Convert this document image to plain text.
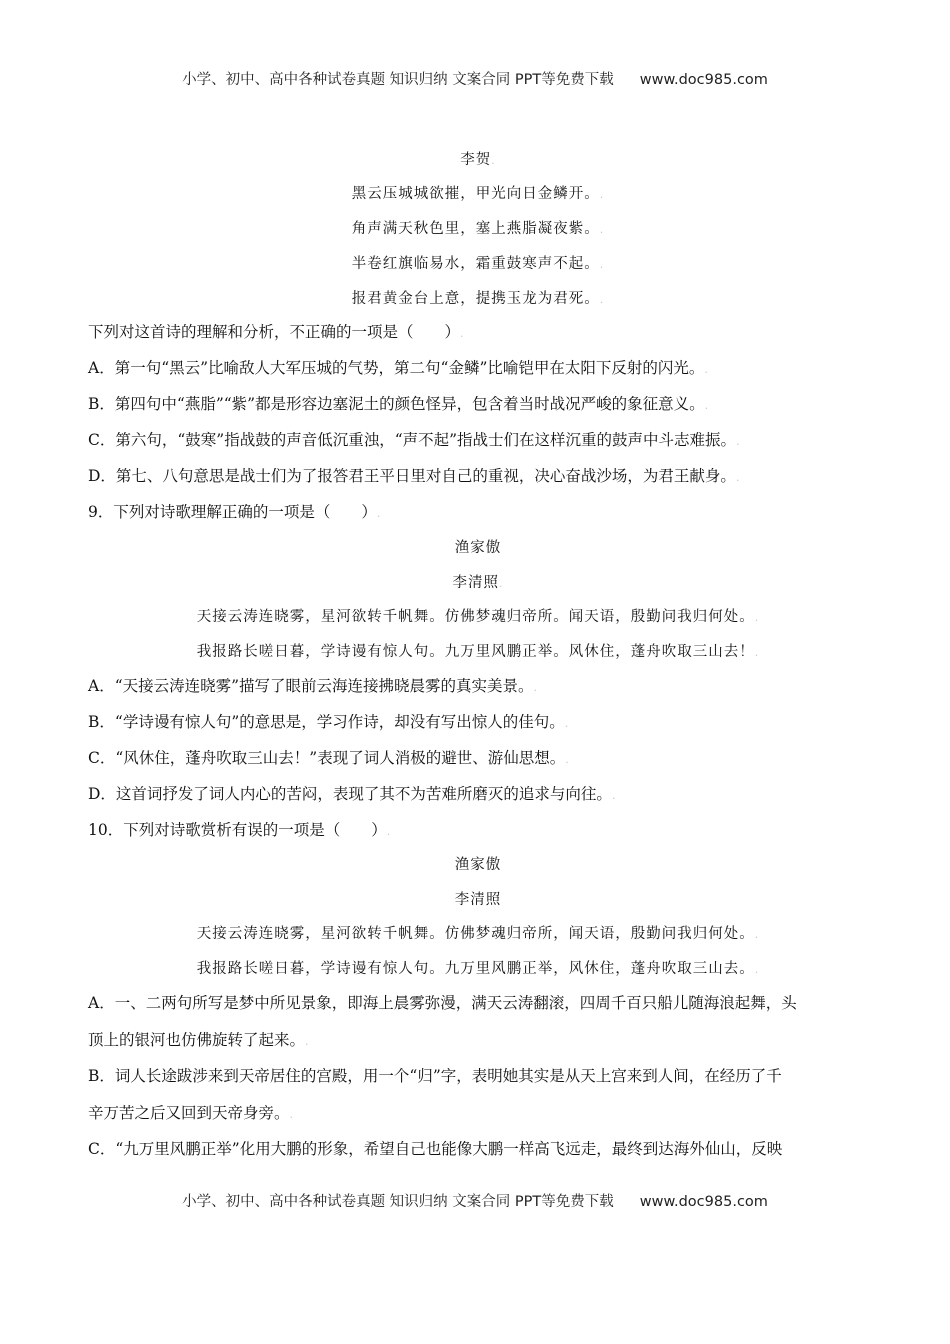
小学、初中、高中各种试卷真题 知识归纳 文案合同 PPT等免费下载 www.doc985.com
李贺.
黑云压城城欲摧，甲光向日金鳞开。.
角声满天秋色里，塞上燕脂凝夜紫。.
半卷红旗临易水，霜重鼓寒声不起。.
报君黄金台上意，提携玉龙为君死。.
下列对这首诗的理解和分析，不正确的一项是（　　）.
A．第一句“黑云”比喻敌人大军压城的气势，第二句“金鳞”比喻铠甲在太阳下反射的闪光。.
B．第四句中“燕脂”“紫”都是形容边塞泥土的颜色怪异，包含着当时战况严峻的象征意义。.
C．第六句，“鼓寒”指战鼓的声音低沉重浊，“声不起”指战士们在这样沉重的鼓声中斗志难振。.
D．第七、八句意思是战士们为了报答君王平日里对自己的重视，决心奋战沙场，为君王献身。.
9．下列对诗歌理解正确的一项是（　　）.
渔家傲
李清照.
天接云涛连晓雾，星河欲转千帆舞。仿佛梦魂归帝所。闻天语，殷勤问我归何处。.
我报路长嗟日暮，学诗谩有惊人句。九万里风鹏正举。风休住，蓬舟吹取三山去！.
A．“天接云涛连晓雾”描写了眼前云海连接拂晓晨雾的真实美景。.
B．“学诗谩有惊人句”的意思是，学习作诗，却没有写出惊人的佳句。.
C．“风休住，蓬舟吹取三山去！”表现了词人消极的避世、游仙思想。.
D．这首词抒发了词人内心的苦闷，表现了其不为苦难所磨灭的追求与向往。.
10．下列对诗歌赏析有误的一项是（　　）.
渔家傲
李清照
天接云涛连晓雾，星河欲转千帆舞。仿佛梦魂归帝所，闻天语，殷勤问我归何处。.
我报路长嗟日暮，学诗谩有惊人句。九万里风鹏正举，风休住，蓬舟吹取三山去。.
A．一、二两句所写是梦中所见景象，即海上晨雾弥漫，满天云涛翻滚，四周千百只船儿随海浪起舞，头
顶上的银河也仿佛旋转了起来。.
B．词人长途跋涉来到天帝居住的宫殿，用一个“归”字，表明她其实是从天上宫来到人间，在经历了千
辛万苦之后又回到天帝身旁。.
C．“九万里风鹏正举”化用大鹏的形象，希望自己也能像大鹏一样高飞远走，最终到达海外仙山，反映
小学、初中、高中各种试卷真题 知识归纳 文案合同 PPT等免费下载 www.doc985.com
